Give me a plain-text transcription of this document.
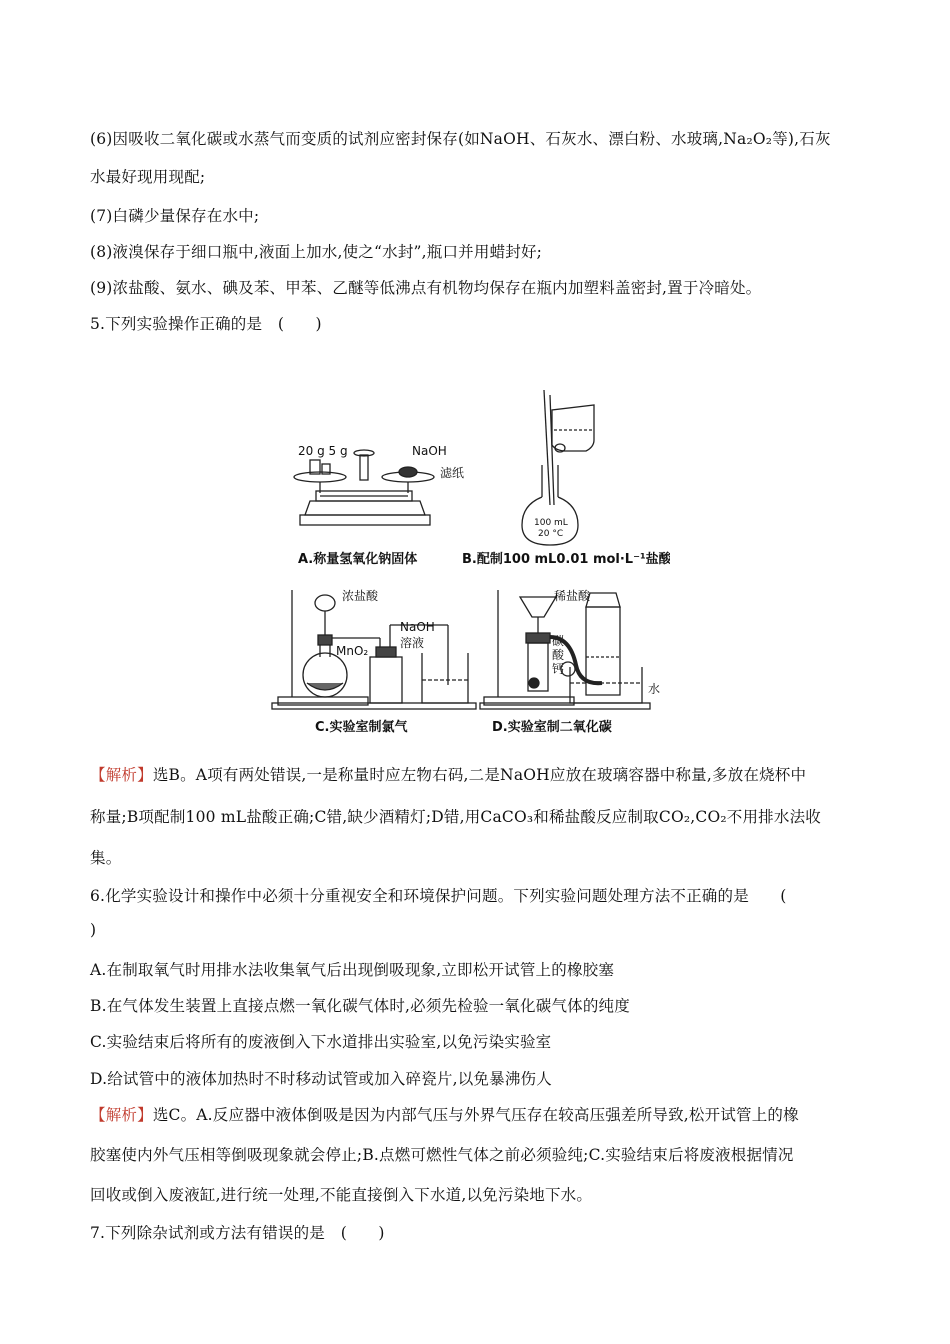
(6)因吸收二氧化碳或水蒸气而变质的试剂应密封保存(如NaOH、石灰水、漂白粉、水玻璃,Na₂O₂等),石灰
水最好现用现配;
(7)白磷少量保存在水中;
(8)液溴保存于细口瓶中,液面上加水,使之“水封”,瓶口并用蜡封好;
(9)浓盐酸、氨水、碘及苯、甲苯、乙醚等低沸点有机物均保存在瓶内加塑料盖密封,置于冷暗处。
5.下列实验操作正确的是　(　　)
20 g 5 g	NaOH
滤纸
A.称量氢氧化钠固体
100 mL
20 °C
B.配制100 mL0.01 mol·L⁻¹盐酸
浓盐酸
MnO₂
NaOH
溶液
C.实验室制氯气
稀盐酸
碳
酸
钙
水
D.实验室制二氧化碳
【解析】选B。A项有两处错误,一是称量时应左物右码,二是NaOH应放在玻璃容器中称量,多放在烧杯中
称量;B项配制100 mL盐酸正确;C错,缺少酒精灯;D错,用CaCO₃和稀盐酸反应制取CO₂,CO₂不用排水法收
集。
6.化学实验设计和操作中必须十分重视安全和环境保护问题。下列实验问题处理方法不正确的是　　(
)
A.在制取氧气时用排水法收集氧气后出现倒吸现象,立即松开试管上的橡胶塞
B.在气体发生装置上直接点燃一氧化碳气体时,必须先检验一氧化碳气体的纯度
C.实验结束后将所有的废液倒入下水道排出实验室,以免污染实验室
D.给试管中的液体加热时不时移动试管或加入碎瓷片,以免暴沸伤人
【解析】选C。A.反应器中液体倒吸是因为内部气压与外界气压存在较高压强差所导致,松开试管上的橡
胶塞使内外气压相等倒吸现象就会停止;B.点燃可燃性气体之前必须验纯;C.实验结束后将废液根据情况
回收或倒入废液缸,进行统一处理,不能直接倒入下水道,以免污染地下水。
7.下列除杂试剂或方法有错误的是　(　　)
